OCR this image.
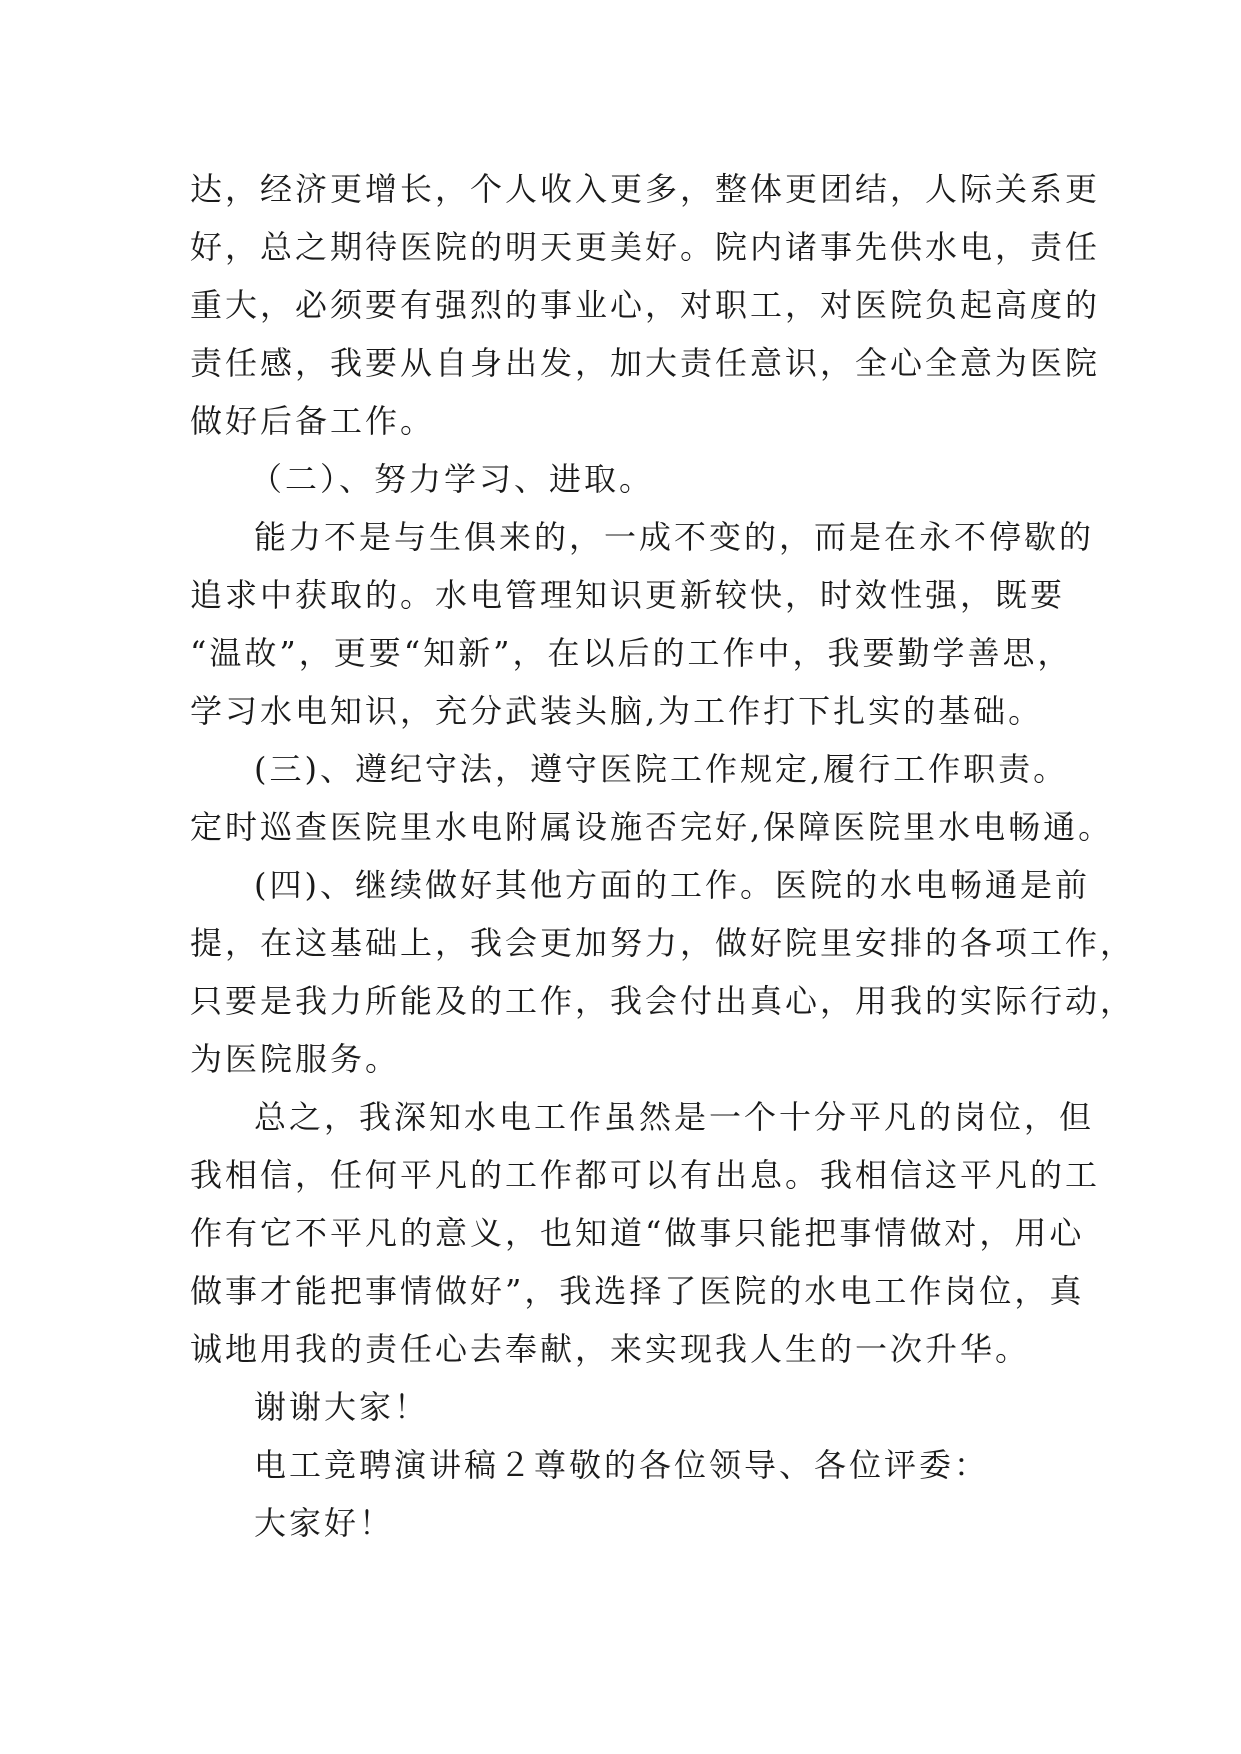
达，经济更增长，个人收入更多，整体更团结，人际关系更
好，总之期待医院的明天更美好。院内诸事先供水电，责任
重大，必须要有强烈的事业心，对职工，对医院负起高度的
责任感，我要从自身出发，加大责任意识，全心全意为医院
做好后备工作。
（二）、努力学习、进取。
能力不是与生俱来的，一成不变的，而是在永不停歇的
追求中获取的。水电管理知识更新较快，时效性强，既要
“温故”，更要“知新”，在以后的工作中，我要勤学善思，
学习水电知识，充分武装头脑,为工作打下扎实的基础。
(三)、遵纪守法，遵守医院工作规定,履行工作职责。
定时巡查医院里水电附属设施否完好,保障医院里水电畅通。
(四)、继续做好其他方面的工作。医院的水电畅通是前
提，在这基础上，我会更加努力，做好院里安排的各项工作，
只要是我力所能及的工作，我会付出真心，用我的实际行动，
为医院服务。
总之，我深知水电工作虽然是一个十分平凡的岗位，但
我相信，任何平凡的工作都可以有出息。我相信这平凡的工
作有它不平凡的意义，也知道“做事只能把事情做对，用心
做事才能把事情做好”，我选择了医院的水电工作岗位，真
诚地用我的责任心去奉献，来实现我人生的一次升华。
谢谢大家！
电工竞聘演讲稿２尊敬的各位领导、各位评委：
大家好！
